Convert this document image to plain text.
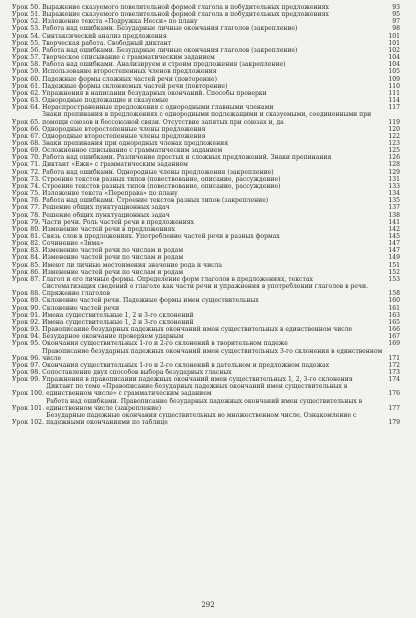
Урок 50.
Выражение сказуемого повелительной формой глагола в побудительных предложениях	93
Урок 51.
Выражение сказуемого повелительной формой глагола в побудительных предложениях	95
Урок 52.
Изложение текста «Подружка Несси» по плану	97
Урок 53.
Работа над ошибками. Безударные личные окончания глаголов (закрепление)	98
Урок 54.
Синтаксический анализ предложения	101
Урок 55.
Творческая работа. Свободный диктант	101
Урок 56.
Работа над ошибками. Безударные личные окончания глаголов (закрепление)	102
Урок 57.
Творческое списывание с грамматическим заданием	104
Урок 58.
Работа над ошибками. Анализируем и строим предложения (закрепление)	104
Урок 59.
Использование второстепенных членов предложения	105
Урок 60.
Падежные формы сложных частей речи (повторение)	109
Урок 61.
Падежные формы склоняемых частей речи (повторение)	110
Урок 62.
Упражнения в написании безударных окончаний. Способы проверки	111
Урок 63.
Однородные подлежащие и сказуемые	114
Урок 64.
Нераспространенные предложения с однородными главными членами	117
Урок 65.

Знаки препинания в предложениях с однородными подлежащими и сказуемыми, соединенными при помощи союзов и бессоюзной связи. Отсутствие запятых при союзах и, да	119
Урок 66.
Однородные второстепенные члены предложения	120
Урок 67.
Однородные второстепенные члены предложения	122
Урок 68.
Знаки препинания при однородных членах предложения	123
Урок 69.
Осложненное списывание с грамматическим заданием	125
Урок 70.
Работа над ошибками. Различение простых и сложных предложений. Знаки препинания	126
Урок 71.
Диктант «Ежи» с грамматическим заданием	128
Урок 72.
Работа над ошибками. Однородные члены предложения (закрепление)	129
Урок 73.
Строение текстов разных типов (повествование, описание, рассуждение)	131
Урок 74.
Строение текстов разных типов (повествование, описание, рассуждение)	133
Урок 75.
Изложение текста «Переправа» по плану	134
Урок 76.
Работа над ошибками. Строение текстов разных типов (закрепление)	135
Урок 77.
Решение общих пунктуационных задач	137
Урок 78.
Решение общих пунктуационных задач	138
Урок 79.
Части речи. Роль частей речи в предложениях	141
Урок 80.
Изменение частей речи в предложениях	142
Урок 81.
Связь слов в предложениях. Употребление частей речи в разных формах	145
Урок 82.
Сочинение «Зима»	147
Урок 83.
Изменение частей речи по числам и родам	147
Урок 84.
Изменение частей речи по числам и родам	149
Урок 85.
Имеют ли личные местоимения значение рода и числа	151
Урок 86.
Изменение частей речи по числам и родам	152
Урок 87.
Глагол и его личные формы. Определение форм глаголов в предложениях, текстах	153
Урок 88.

Систематизация сведений о глаголе как части речи и упражнения в употреблении глаголов в речи. Спряжение глаголов	158
Урок 89.
Склонение частей речи. Падежные формы имен существительных	160
Урок 90.
Склонение частей речи	161
Урок 91.
Имена существительные 1, 2 и 3-го склонений	163
Урок 92.
Имена существительные 1, 2 и 3-го склонений	165
Урок 93.
Правописание безударных падежных окончаний имен существительных в единственном числе	166
Урок 94.
Безударное окончание проверяем ударным	167
Урок 95.
Окончания существительных 1-го и 2-го склонений в творительном падеже	169
Урок 96.

Правописание безударных падежных окончаний имен существительных 3-го склонения в единственном числе	171
Урок 97.
Окончания существительных 1-го и 2-го склонений в дательном и предложном падежах	172
Урок 98.
Сопоставление двух способов выбора безударных гласных	173
Урок 99.
Упражнения в правописании падежных окончаний имен существительных 1, 2, 3-го склонения	174
Урок 100.

Диктант по теме «Правописание безударных падежных окончаний имен существительных в единственном числе» с грамматическим заданием	176
Урок 101.

Работа над ошибками. Правописание безударных падежных окончаний имен существительных в единственном числе (закрепление)	177
Урок 102.

Безударные падежные окончания существительных во множественном числе. Ознакомление с падежными окончаниями по таблице	179
292
